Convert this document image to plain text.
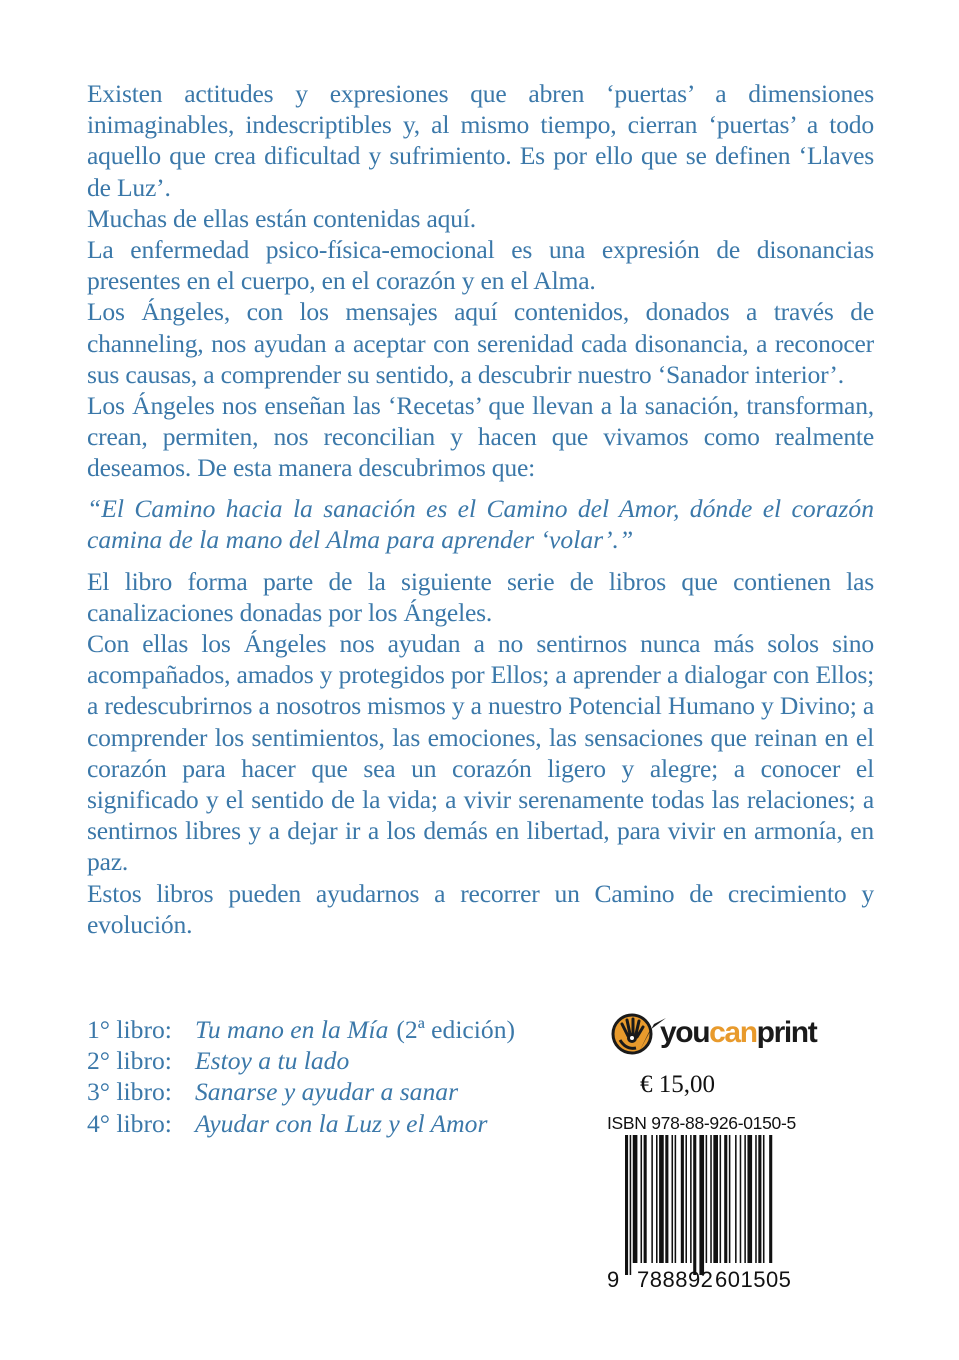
Existen actitudes y expresiones que abren ‘puertas’ a dimensiones inimaginables, indescriptibles y, al mismo tiempo, cierran ‘puertas’ a todo aquello que crea dificultad y sufrimiento. Es por ello que se definen ‘Llaves de Luz’.

Muchas de ellas están contenidas aquí.

La enfermedad psico-física-emocional es una expresión de disonancias presentes en el cuerpo, en el corazón y en el Alma.

Los Ángeles, con los mensajes aquí contenidos, donados a través de channeling, nos ayudan a aceptar con serenidad cada disonancia, a reconocer sus causas, a comprender su sentido, a descubrir nuestro ‘Sanador interior’.

Los Ángeles nos enseñan las ‘Recetas’ que llevan a la sanación, transforman, crean, permiten, nos reconcilian y hacen que vivamos como realmente deseamos. De esta manera descubrimos que:

“El Camino hacia la sanación es el Camino del Amor, dónde el corazón camina de la mano del Alma para aprender ‘volar’.”

El libro forma parte de la siguiente serie de libros que contienen las canalizaciones donadas por los Ángeles.

Con ellas los Ángeles nos ayudan a no sentirnos nunca más solos sino acompañados, amados y protegidos por Ellos; a aprender a dialogar con Ellos; a redescubrirnos a nosotros mismos y a nuestro Potencial Humano y Divino; a comprender los sentimientos, las emociones, las sensaciones que reinan en el corazón para hacer que sea un corazón ligero y alegre; a conocer el significado y el sentido de la vida; a vivir serenamente todas las relaciones; a sentirnos libres y a dejar ir a los demás en libertad, para vivir en armonía, en paz.

Estos libros pueden ayudarnos a recorrer un Camino de crecimiento y evolución.

1° libro: Tu mano en la Mía (2ª edición)
2° libro: Estoy a tu lado
3° libro: Sanarse y ayudar a sanar
4° libro: Ayudar con la Luz y el Amor
youcanprint
€ 15,00
ISBN 978-88-926-0150-5
9 788892 601505
